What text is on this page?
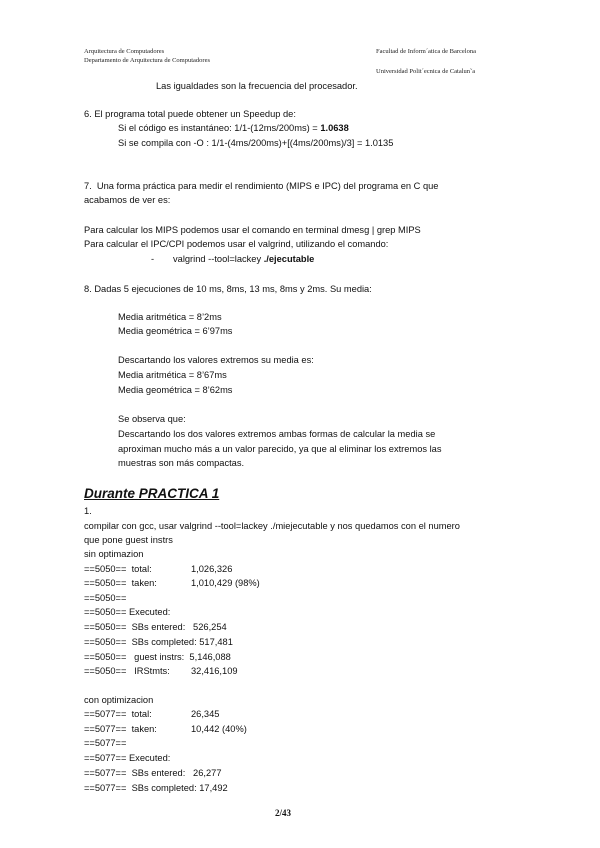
Arquitectura de Computadores
Departamento de Arquitectura de Computadores
Facultad de Inform´atica de Barcelona
Universidad Polit´ecnica de Catalun˜a
Las igualdades son la frecuencia del procesador.
6. El programa total puede obtener un Speedup de:
Si el código es instantáneo: 1/1-(12ms/200ms) = 1.0638
Si se compila con -O : 1/1-(4ms/200ms)+[(4ms/200ms)/3] = 1.0135
7.  Una forma práctica para medir el rendimiento (MIPS e IPC) del programa en C que
acabamos de ver es:
Para calcular los MIPS podemos usar el comando en terminal dmesg | grep MIPS
Para calcular el IPC/CPI podemos usar el valgrind, utilizando el comando:
- valgrind --tool=lackey ./ejecutable
8. Dadas 5 ejecuciones de 10 ms, 8ms, 13 ms, 8ms y 2ms. Su media:
Media aritmética = 8’2ms
Media geométrica = 6’97ms
Descartando los valores extremos su media es:
Media aritmética = 8’67ms
Media geométrica = 8’62ms
Se observa que:
Descartando los dos valores extremos ambas formas de calcular la media se
aproximan mucho más a un valor parecido, ya que al eliminar los extremos las
muestras son más compactas.
Durante PRACTICA 1
1.
compilar con gcc, usar valgrind --tool=lackey ./miejecutable y nos quedamos con el numero
que pone guest instrs
sin optimazion
==5050==  total:	1,026,326
==5050==  taken:	1,010,429 (98%)
==5050==
==5050== Executed:
==5050==  SBs entered:   526,254
==5050==  SBs completed: 517,481
==5050==   guest instrs:  5,146,088
==5050==   IRStmts: 32,416,109
con optimizacion
==5077==  total:	26,345
==5077==  taken:	10,442 (40%)
==5077==
==5077== Executed:
==5077==  SBs entered:   26,277
==5077==  SBs completed: 17,492
2/43
